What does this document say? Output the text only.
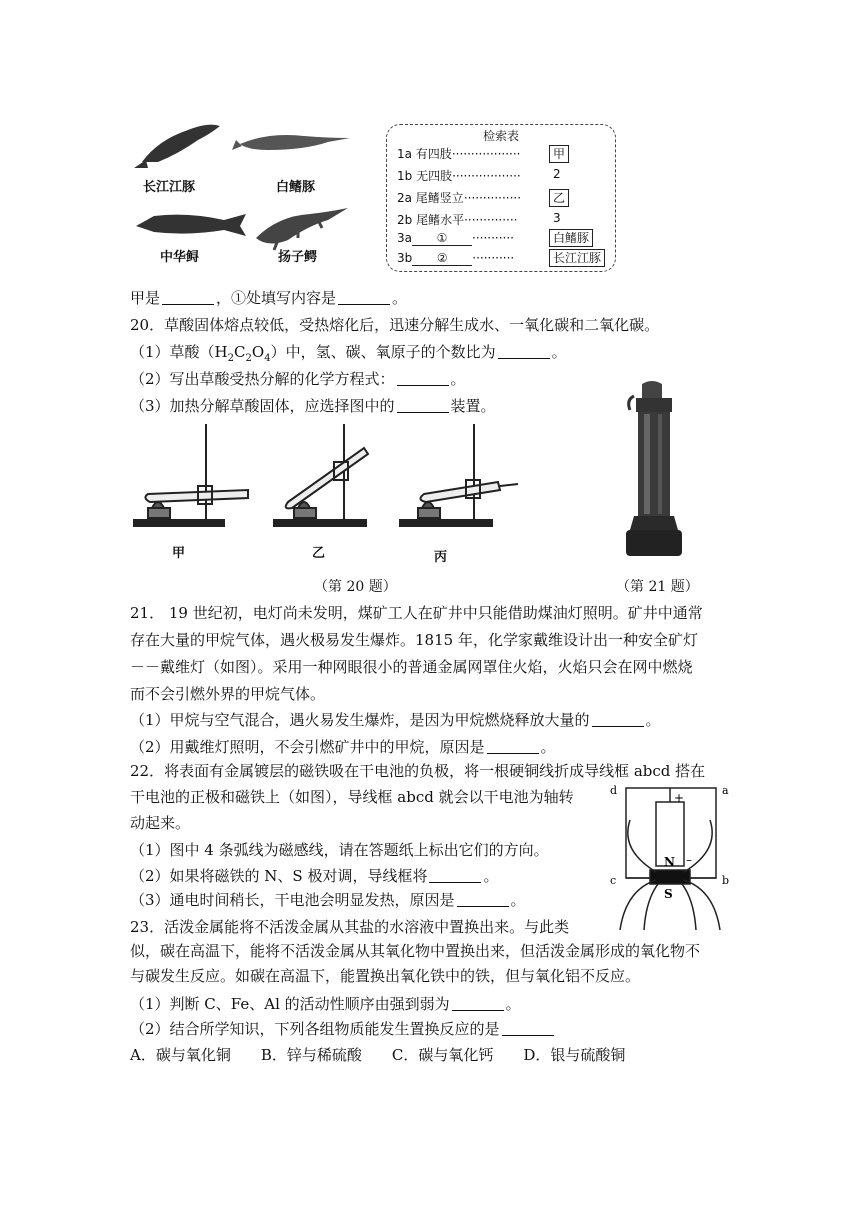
长江江豚	白鳍豚
中华鲟	扬子鳄
检索表
1a 有四肢··················	甲
1b 无四肢··················	2
2a 尾鳍竖立···············	乙
2b 尾鳍水平··············	3
3a ① ···········	白鳍豚
3b ② ···········	长江江豚
甲是	，①处填写内容是	。
20．草酸固体熔点较低，受热熔化后，迅速分解生成水、一氧化碳和二氧化碳。
（1）草酸$(H_2C_2O_4)$中，氢、碳、氧原子的个数比为	。
（2）写出草酸受热分解的化学方程式：	。
（3）加热分解草酸固体，应选择图中的	装置。
甲	乙	丙
（第 20 题）	（第 21 题）
21． 19 世纪初，电灯尚未发明，煤矿工人在矿井中只能借助煤油灯照明。矿井中通常
存在大量的甲烷气体，遇火极易发生爆炸。1815 年，化学家戴维设计出一种安全矿灯
－－戴维灯（如图）。采用一种网眼很小的普通金属网罩住火焰，火焰只会在网中燃烧
而不会引燃外界的甲烷气体。
（1）甲烷与空气混合，遇火易发生爆炸，是因为甲烷燃烧释放大量的	。
（2）用戴维灯照明，不会引燃矿井中的甲烷，原因是	。
22．将表面有金属镀层的磁铁吸在干电池的负极，将一根硬铜线折成导线框 abcd 搭在
干电池的正极和磁铁上（如图），导线框 abcd 就会以干电池为轴转
动起来。
（1）图中 4 条弧线为磁感线，请在答题纸上标出它们的方向。
（2）如果将磁铁的 N、S 极对调，导线框将	。
（3）通电时间稍长，干电池会明显发热，原因是	。
d	a
c	b
+
–
N
S
23．活泼金属能将不活泼金属从其盐的水溶液中置换出来。与此类
似，碳在高温下，能将不活泼金属从其氧化物中置换出来，但活泼金属形成的氧化物不
与碳发生反应。如碳在高温下，能置换出氧化铁中的铁，但与氧化铝不反应。
（1）判断 C、Fe、Al 的活动性顺序由强到弱为	。
（2）结合所学知识，下列各组物质能发生置换反应的是
A．碳与氧化铜 B．锌与稀硫酸 C．碳与氧化钙 D．银与硫酸铜
